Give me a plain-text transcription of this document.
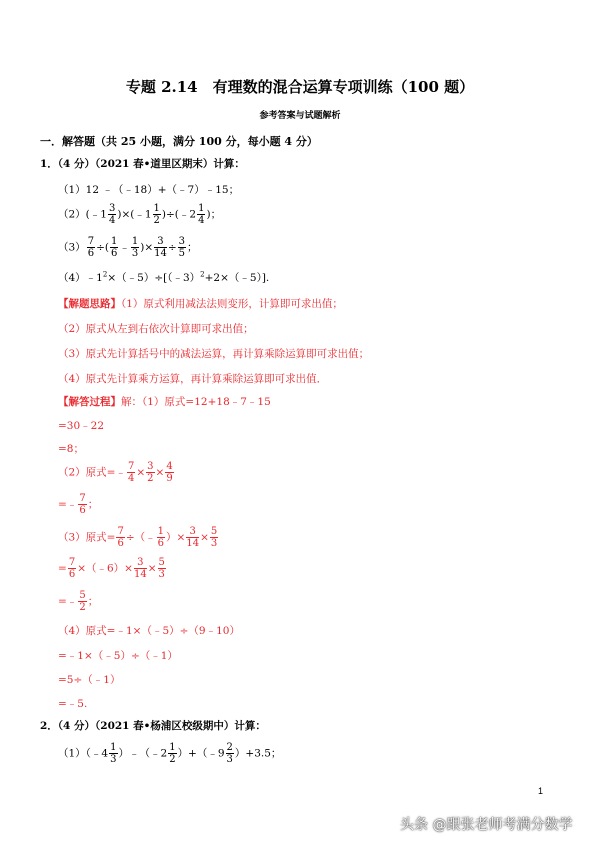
专题 2.14　有理数的混合运算专项训练（100 题）
参考答案与试题解析
一．解答题（共 25 小题，满分 100 分，每小题 4 分）
1．（4 分）（2021 春•道里区期末）计算：
（1）12 ﹣（﹣18）+（﹣7）﹣15；
（2）(﹣1 $\frac{3}{4}$ )×(﹣1 $\frac{1}{2}$ )÷(﹣2 $\frac{1}{4}$ )；
$(3) \frac{7}{6}$ ÷( $\frac{1}{6}$ ﹣ $\frac{1}{3}$ )× $\frac{3}{14} \div \frac{3}{5}$ ；
$(4)﹣1^2\times(﹣5)\div[(﹣3)^2+2\times(﹣5)]$.
【解题思路】（1）原式利用减法法则变形，计算即可求出值；
（2）原式从左到右依次计算即可求出值；
（3）原式先计算括号中的减法运算，再计算乘除运算即可求出值；
（4）原式先计算乘方运算，再计算乘除运算即可求出值．
【解答过程】解：（1）原式=12+18﹣7﹣15
=30﹣22
=8；
（2）原式=﹣ $\frac{7}{4} \times \frac{3}{2} \times \frac{4}{9}$
=﹣ $\frac{7}{6}$ ；
（3）原式= $\frac{7}{6}$ ÷（﹣ $\frac{1}{6}$ ）× $\frac{3}{14} \times \frac{5}{3}$
= $\frac{7}{6}$ ×（﹣6）× $\frac{3}{14} \times \frac{5}{3}$
=﹣ $\frac{5}{2}$ ；
（4）原式=﹣1×（﹣5）÷（9﹣10）
=﹣1×（﹣5）÷（﹣1）
=5÷（﹣1）
=﹣5.
2．（4 分）（2021 春•杨浦区校级期中）计算：
（1）（﹣4 $\frac{1}{3}$ ）﹣（﹣2 $\frac{1}{2}$ ）+（﹣9 $\frac{2}{3} )+3.5$；
1
头条 @跟张老师考满分数学
